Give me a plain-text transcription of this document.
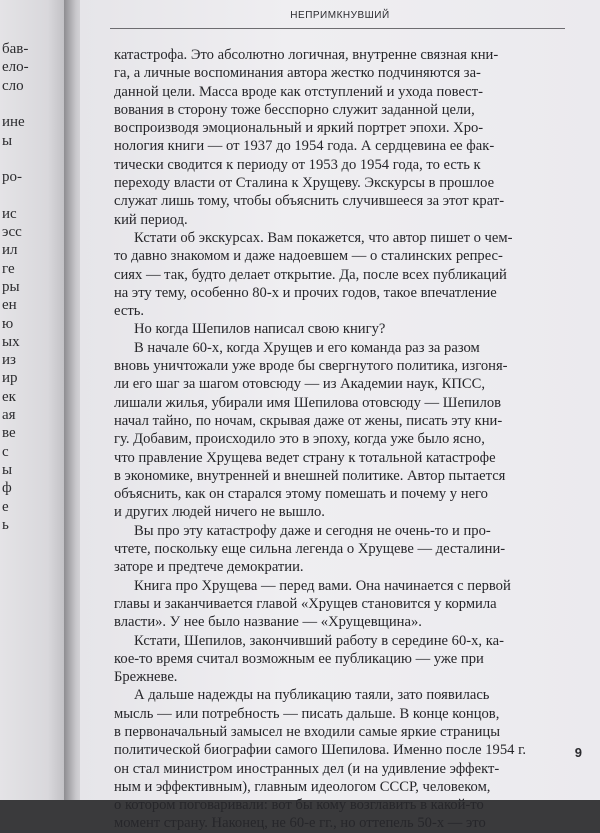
бав-
ело-
сло
ине
ы
ро-
ис
эсс
ил
ге
ры
ен
ю
ых
из
ир
ек
ая
ве
с
ы
ф
е
ь
НЕПРИМКНУВШИЙ
катастрофа. Это абсолютно логичная, внутренне связная кни-
га, а личные воспоминания автора жестко подчиняются за-
данной цели. Масса вроде как отступлений и ухода повест-
вования в сторону тоже бесспорно служит заданной цели,
воспроизводя эмоциональный и яркий портрет эпохи. Хро-
нология книги — от 1937 до 1954 года. А сердцевина ее фак-
тически сводится к периоду от 1953 до 1954 года, то есть к
переходу власти от Сталина к Хрущеву. Экскурсы в прошлое
служат лишь тому, чтобы объяснить случившееся за этот крат-
кий период.
Кстати об экскурсах. Вам покажется, что автор пишет о чем-
то давно знакомом и даже надоевшем — о сталинских репрес-
сиях — так, будто делает открытие. Да, после всех публикаций
на эту тему, особенно 80-х и прочих годов, такое впечатление
есть.
Но когда Шепилов написал свою книгу?
В начале 60-х, когда Хрущев и его команда раз за разом
вновь уничтожали уже вроде бы свергнутого политика, изгоня-
ли его шаг за шагом отовсюду — из Академии наук, КПСС,
лишали жилья, убирали имя Шепилова отовсюду — Шепилов
начал тайно, по ночам, скрывая даже от жены, писать эту кни-
гу. Добавим, происходило это в эпоху, когда уже было ясно,
что правление Хрущева ведет страну к тотальной катастрофе
в экономике, внутренней и внешней политике. Автор пытается
объяснить, как он старался этому помешать и почему у него
и других людей ничего не вышло.
Вы про эту катастрофу даже и сегодня не очень-то и про-
чтете, поскольку еще сильна легенда о Хрущеве — десталини-
заторе и предтече демократии.
Книга про Хрущева — перед вами. Она начинается с первой
главы и заканчивается главой «Хрущев становится у кормила
власти». У нее было название — «Хрущевщина».
Кстати, Шепилов, закончивший работу в середине 60-х, ка-
кое-то время считал возможным ее публикацию — уже при
Брежневе.
А дальше надежды на публикацию таяли, зато появилась
мысль — или потребность — писать дальше. В конце концов,
в первоначальный замысел не входили самые яркие страницы
политической биографии самого Шепилова. Именно после 1954 г.
он стал министром иностранных дел (и на удивление эффект-
ным и эффективным), главным идеологом СССР, человеком,
о котором поговаривали: вот бы кому возглавить в какой-то
момент страну. Наконец, не 60-е гг., но оттепель 50-х — это
9
